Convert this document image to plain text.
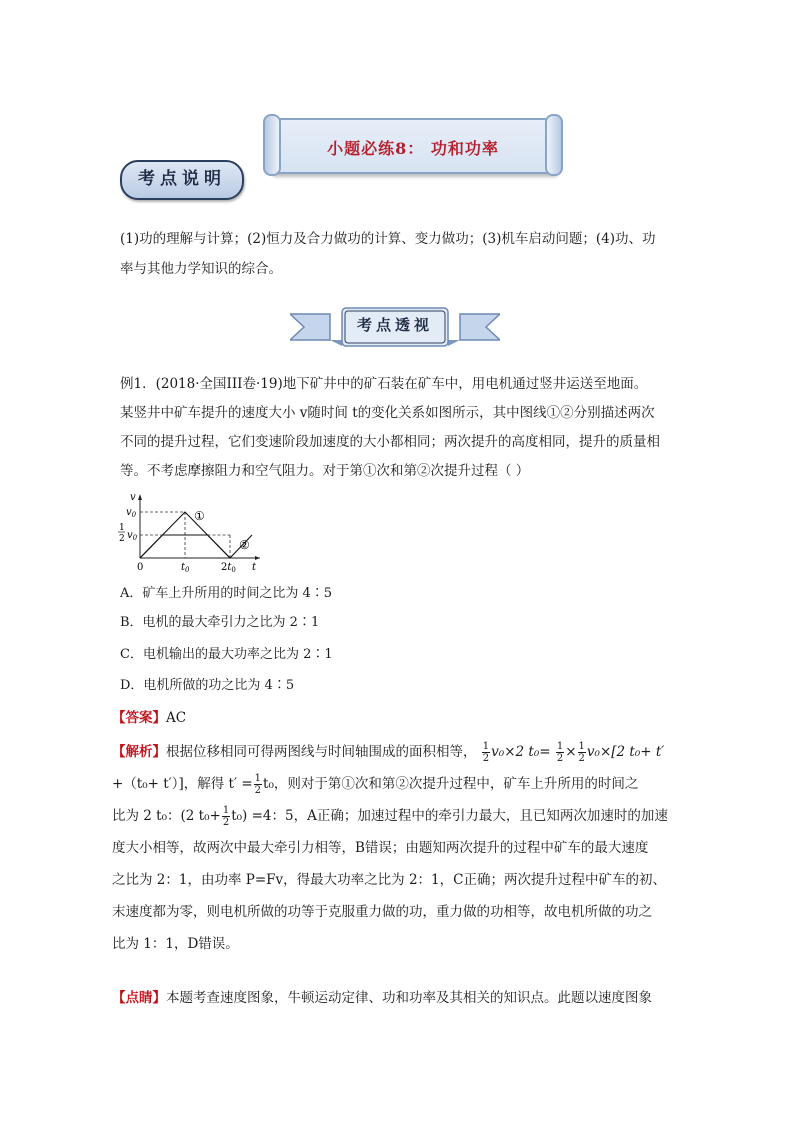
小题必练8： 功和功率
考点说明
(1)功的理解与计算；(2)恒力及合力做功的计算、变力做功；(3)机车启动问题；(4)功、功
率与其他力学知识的综合。
考点透视
例1．(2018·全国III卷·19)地下矿井中的矿石装在矿车中，用电机通过竖井运送至地面。
某竖井中矿车提升的速度大小 v随时间 t的变化关系如图所示，其中图线①②分别描述两次
不同的提升过程，它们变速阶段加速度的大小都相同；两次提升的高度相同，提升的质量相
等。不考虑摩擦阻力和空气阻力。对于第①次和第②次提升过程（ ）
v
$v_0$
1
2 $v_0$
0	$t_0$	$2t_0$ t
①
②
A．矿车上升所用的时间之比为 4∶5
B．电机的最大牵引力之比为 2∶1
C．电机输出的最大功率之比为 2∶1
D．电机所做的功之比为 4∶5
【答案】AC
【解析】根据位移相同可得两图线与时间轴围成的面积相等， $\frac{1}{2} v_0\times 2$ $t_0= \frac{1}{2} \times \frac{1}{2} v_0\times[2$ t₀+ t′
+（t₀+ t′）]，解得 $t' = \frac{1}{2} t_0$，则对于第①次和第②次提升过程中，矿车上升所用的时间之
比为 2 t₀：(2 $t_0+ \frac{1}{2} t_0) =4$：5，A正确；加速过程中的牵引力最大，且已知两次加速时的加速
度大小相等，故两次中最大牵引力相等，B错误；由题知两次提升的过程中矿车的最大速度
之比为 2：1，由功率 P=Fv，得最大功率之比为 2：1，C正确；两次提升过程中矿车的初、
末速度都为零，则电机所做的功等于克服重力做的功，重力做的功相等，故电机所做的功之
比为 1：1，D错误。
【点睛】本题考查速度图象，牛顿运动定律、功和功率及其相关的知识点。此题以速度图象
